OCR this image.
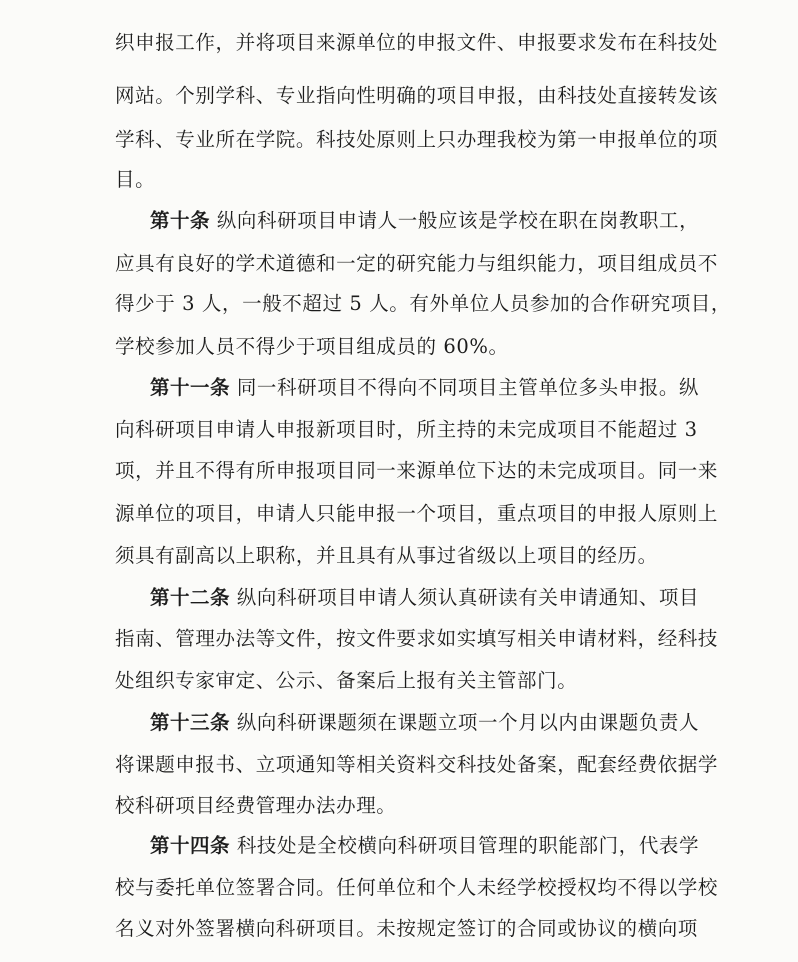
织申报工作，并将项目来源单位的申报文件、申报要求发布在科技处
网站。个别学科、专业指向性明确的项目申报，由科技处直接转发该
学科、专业所在学院。科技处原则上只办理我校为第一申报单位的项
目。
第十条 纵向科研项目申请人一般应该是学校在职在岗教职工，
应具有良好的学术道德和一定的研究能力与组织能力，项目组成员不
得少于 3 人，一般不超过 5 人。有外单位人员参加的合作研究项目，
学校参加人员不得少于项目组成员的 60%。
第十一条 同一科研项目不得向不同项目主管单位多头申报。纵
向科研项目申请人申报新项目时，所主持的未完成项目不能超过 3
项，并且不得有所申报项目同一来源单位下达的未完成项目。同一来
源单位的项目，申请人只能申报一个项目，重点项目的申报人原则上
须具有副高以上职称，并且具有从事过省级以上项目的经历。
第十二条 纵向科研项目申请人须认真研读有关申请通知、项目
指南、管理办法等文件，按文件要求如实填写相关申请材料，经科技
处组织专家审定、公示、备案后上报有关主管部门。
第十三条 纵向科研课题须在课题立项一个月以内由课题负责人
将课题申报书、立项通知等相关资料交科技处备案，配套经费依据学
校科研项目经费管理办法办理。
第十四条 科技处是全校横向科研项目管理的职能部门，代表学
校与委托单位签署合同。任何单位和个人未经学校授权均不得以学校
名义对外签署横向科研项目。未按规定签订的合同或协议的横向项
